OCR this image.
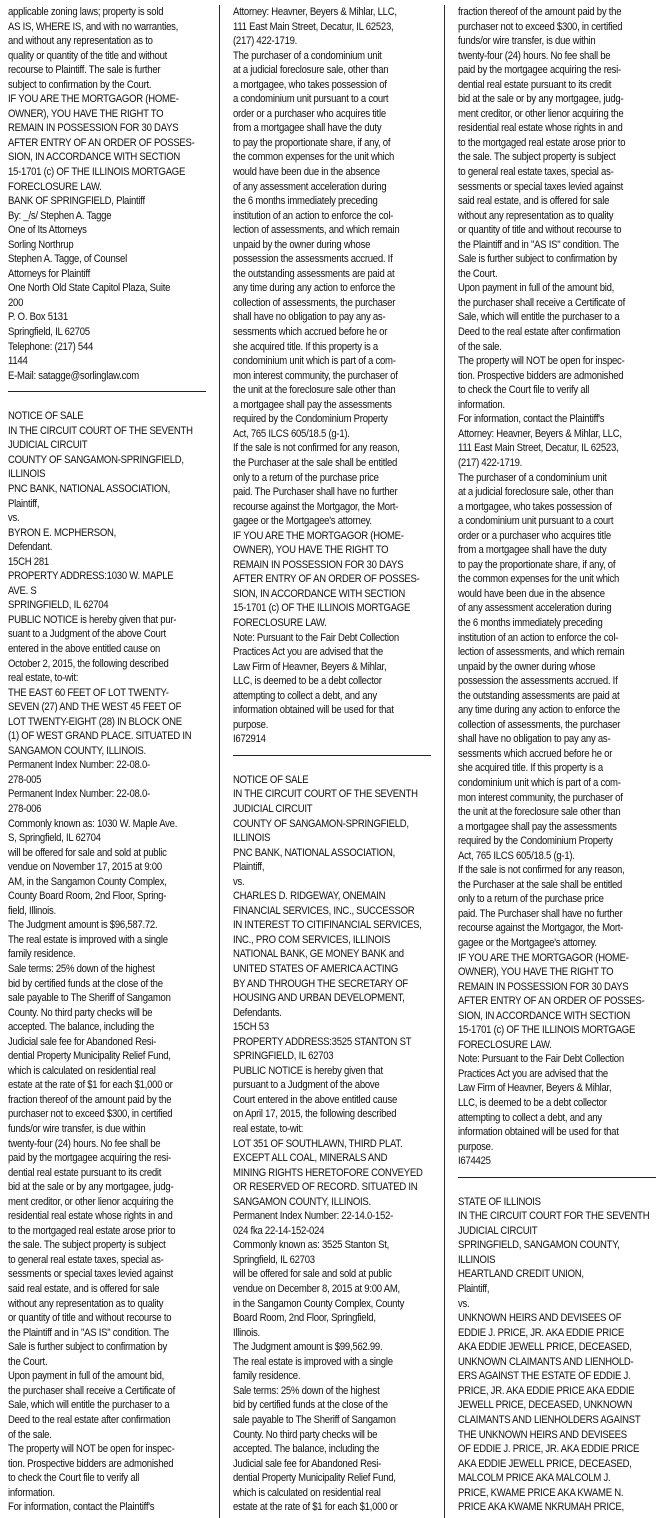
applicable zoning laws; property is sold
AS IS, WHERE IS, and with no warranties,
and without any representation as to
quality or quantity of the title and without
recourse to Plaintiff. The sale is further
subject to confirmation by the Court.
IF YOU ARE THE MORTGAGOR (HOME-
OWNER), YOU HAVE THE RIGHT TO
REMAIN IN POSSESSION FOR 30 DAYS
AFTER ENTRY OF AN ORDER OF POSSES-
SION, IN ACCORDANCE WITH SECTION
15-1701 (c) OF THE ILLINOIS MORTGAGE
FORECLOSURE LAW.
BANK OF SPRINGFIELD, Plaintiff
By: _/s/ Stephen A. Tagge
One of Its Attorneys
Sorling Northrup
Stephen A. Tagge, of Counsel
Attorneys for Plaintiff
One North Old State Capitol Plaza, Suite
200
P. O. Box 5131
Springfield, IL 62705
Telephone: (217) 544
1144
E-Mail: satagge@sorlinglaw.com
NOTICE OF SALE
IN THE CIRCUIT COURT OF THE SEVENTH
JUDICIAL CIRCUIT
COUNTY OF SANGAMON-SPRINGFIELD,
ILLINOIS
PNC BANK, NATIONAL ASSOCIATION,
Plaintiff,
vs.
BYRON E. MCPHERSON,
Defendant.
15CH 281
PROPERTY ADDRESS:1030 W. MAPLE
AVE. S
SPRINGFIELD, IL 62704
PUBLIC NOTICE is hereby given that pur-
suant to a Judgment of the above Court
entered in the above entitled cause on
October 2, 2015, the following described
real estate, to-wit:
THE EAST 60 FEET OF LOT TWENTY-
SEVEN (27) AND THE WEST 45 FEET OF
LOT TWENTY-EIGHT (28) IN BLOCK ONE
(1) OF WEST GRAND PLACE. SITUATED IN
SANGAMON COUNTY, ILLINOIS.
Permanent Index Number: 22-08.0-
278-005
Permanent Index Number: 22-08.0-
278-006
Commonly known as: 1030 W. Maple Ave.
S, Springfield, IL 62704
will be offered for sale and sold at public
vendue on November 17, 2015 at 9:00
AM, in the Sangamon County Complex,
County Board Room, 2nd Floor, Spring-
field, Illinois.
The Judgment amount is $96,587.72.
The real estate is improved with a single
family residence.
Sale terms: 25% down of the highest
bid by certified funds at the close of the
sale payable to The Sheriff of Sangamon
County. No third party checks will be
accepted. The balance, including the
Judicial sale fee for Abandoned Resi-
dential Property Municipality Relief Fund,
which is calculated on residential real
estate at the rate of $1 for each $1,000 or
fraction thereof of the amount paid by the
purchaser not to exceed $300, in certified
funds/or wire transfer, is due within
twenty-four (24) hours. No fee shall be
paid by the mortgagee acquiring the resi-
dential real estate pursuant to its credit
bid at the sale or by any mortgagee, judg-
ment creditor, or other lienor acquiring the
residential real estate whose rights in and
to the mortgaged real estate arose prior to
the sale. The subject property is subject
to general real estate taxes, special as-
sessments or special taxes levied against
said real estate, and is offered for sale
without any representation as to quality
or quantity of title and without recourse to
the Plaintiff and in "AS IS" condition. The
Sale is further subject to confirmation by
the Court.
Upon payment in full of the amount bid,
the purchaser shall receive a Certificate of
Sale, which will entitle the purchaser to a
Deed to the real estate after confirmation
of the sale.
The property will NOT be open for inspec-
tion. Prospective bidders are admonished
to check the Court file to verify all
information.
For information, contact the Plaintiff's
Attorney: Heavner, Beyers & Mihlar, LLC,
111 East Main Street, Decatur, IL 62523,
(217) 422-1719.
The purchaser of a condominium unit
at a judicial foreclosure sale, other than
a mortgagee, who takes possession of
a condominium unit pursuant to a court
order or a purchaser who acquires title
from a mortgagee shall have the duty
to pay the proportionate share, if any, of
the common expenses for the unit which
would have been due in the absence
of any assessment acceleration during
the 6 months immediately preceding
institution of an action to enforce the col-
lection of assessments, and which remain
unpaid by the owner during whose
possession the assessments accrued. If
the outstanding assessments are paid at
any time during any action to enforce the
collection of assessments, the purchaser
shall have no obligation to pay any as-
sessments which accrued before he or
she acquired title. If this property is a
condominium unit which is part of a com-
mon interest community, the purchaser of
the unit at the foreclosure sale other than
a mortgagee shall pay the assessments
required by the Condominium Property
Act, 765 ILCS 605/18.5 (g-1).
If the sale is not confirmed for any reason,
the Purchaser at the sale shall be entitled
only to a return of the purchase price
paid. The Purchaser shall have no further
recourse against the Mortgagor, the Mort-
gagee or the Mortgagee's attorney.
IF YOU ARE THE MORTGAGOR (HOME-
OWNER), YOU HAVE THE RIGHT TO
REMAIN IN POSSESSION FOR 30 DAYS
AFTER ENTRY OF AN ORDER OF POSSES-
SION, IN ACCORDANCE WITH SECTION
15-1701 (c) OF THE ILLINOIS MORTGAGE
FORECLOSURE LAW.
Note: Pursuant to the Fair Debt Collection
Practices Act you are advised that the
Law Firm of Heavner, Beyers & Mihlar,
LLC, is deemed to be a debt collector
attempting to collect a debt, and any
information obtained will be used for that
purpose.
I672914
NOTICE OF SALE
IN THE CIRCUIT COURT OF THE SEVENTH
JUDICIAL CIRCUIT
COUNTY OF SANGAMON-SPRINGFIELD,
ILLINOIS
PNC BANK, NATIONAL ASSOCIATION,
Plaintiff,
vs.
CHARLES D. RIDGEWAY, ONEMAIN
FINANCIAL SERVICES, INC., SUCCESSOR
IN INTEREST TO CITIFINANCIAL SERVICES,
INC., PRO COM SERVICES, ILLINOIS
NATIONAL BANK, GE MONEY BANK and
UNITED STATES OF AMERICA ACTING
BY AND THROUGH THE SECRETARY OF
HOUSING AND URBAN DEVELOPMENT,
Defendants.
15CH 53
PROPERTY ADDRESS:3525 STANTON ST
SPRINGFIELD, IL 62703
PUBLIC NOTICE is hereby given that
pursuant to a Judgment of the above
Court entered in the above entitled cause
on April 17, 2015, the following described
real estate, to-wit:
LOT 351 OF SOUTHLAWN, THIRD PLAT.
EXCEPT ALL COAL, MINERALS AND
MINING RIGHTS HERETOFORE CONVEYED
OR RESERVED OF RECORD. SITUATED IN
SANGAMON COUNTY, ILLINOIS.
Permanent Index Number: 22-14.0-152-
024 fka 22-14-152-024
Commonly known as: 3525 Stanton St,
Springfield, IL 62703
will be offered for sale and sold at public
vendue on December 8, 2015 at 9:00 AM,
in the Sangamon County Complex, County
Board Room, 2nd Floor, Springfield,
Illinois.
The Judgment amount is $99,562.99.
The real estate is improved with a single
family residence.
Sale terms: 25% down of the highest
bid by certified funds at the close of the
sale payable to The Sheriff of Sangamon
County. No third party checks will be
accepted. The balance, including the
Judicial sale fee for Abandoned Resi-
dential Property Municipality Relief Fund,
which is calculated on residential real
estate at the rate of $1 for each $1,000 or
fraction thereof of the amount paid by the
purchaser not to exceed $300, in certified
funds/or wire transfer, is due within
twenty-four (24) hours. No fee shall be
paid by the mortgagee acquiring the resi-
dential real estate pursuant to its credit
bid at the sale or by any mortgagee, judg-
ment creditor, or other lienor acquiring the
residential real estate whose rights in and
to the mortgaged real estate arose prior to
the sale. The subject property is subject
to general real estate taxes, special as-
sessments or special taxes levied against
said real estate, and is offered for sale
without any representation as to quality
or quantity of title and without recourse to
the Plaintiff and in "AS IS" condition. The
Sale is further subject to confirmation by
the Court.
Upon payment in full of the amount bid,
the purchaser shall receive a Certificate of
Sale, which will entitle the purchaser to a
Deed to the real estate after confirmation
of the sale.
The property will NOT be open for inspec-
tion. Prospective bidders are admonished
to check the Court file to verify all
information.
For information, contact the Plaintiff's
Attorney: Heavner, Beyers & Mihlar, LLC,
111 East Main Street, Decatur, IL 62523,
(217) 422-1719.
The purchaser of a condominium unit
at a judicial foreclosure sale, other than
a mortgagee, who takes possession of
a condominium unit pursuant to a court
order or a purchaser who acquires title
from a mortgagee shall have the duty
to pay the proportionate share, if any, of
the common expenses for the unit which
would have been due in the absence
of any assessment acceleration during
the 6 months immediately preceding
institution of an action to enforce the col-
lection of assessments, and which remain
unpaid by the owner during whose
possession the assessments accrued. If
the outstanding assessments are paid at
any time during any action to enforce the
collection of assessments, the purchaser
shall have no obligation to pay any as-
sessments which accrued before he or
she acquired title. If this property is a
condominium unit which is part of a com-
mon interest community, the purchaser of
the unit at the foreclosure sale other than
a mortgagee shall pay the assessments
required by the Condominium Property
Act, 765 ILCS 605/18.5 (g-1).
If the sale is not confirmed for any reason,
the Purchaser at the sale shall be entitled
only to a return of the purchase price
paid. The Purchaser shall have no further
recourse against the Mortgagor, the Mort-
gagee or the Mortgagee's attorney.
IF YOU ARE THE MORTGAGOR (HOME-
OWNER), YOU HAVE THE RIGHT TO
REMAIN IN POSSESSION FOR 30 DAYS
AFTER ENTRY OF AN ORDER OF POSSES-
SION, IN ACCORDANCE WITH SECTION
15-1701 (c) OF THE ILLINOIS MORTGAGE
FORECLOSURE LAW.
Note: Pursuant to the Fair Debt Collection
Practices Act you are advised that the
Law Firm of Heavner, Beyers & Mihlar,
LLC, is deemed to be a debt collector
attempting to collect a debt, and any
information obtained will be used for that
purpose.
I674425
STATE OF ILLINOIS
IN THE CIRCUIT COURT FOR THE SEVENTH
JUDICIAL CIRCUIT
SPRINGFIELD, SANGAMON COUNTY,
ILLINOIS
HEARTLAND CREDIT UNION,
Plaintiff,
vs.
UNKNOWN HEIRS AND DEVISEES OF
EDDIE J. PRICE, JR. AKA EDDIE PRICE
AKA EDDIE JEWELL PRICE, DECEASED,
UNKNOWN CLAIMANTS AND LIENHOLD-
ERS AGAINST THE ESTATE OF EDDIE J.
PRICE, JR. AKA EDDIE PRICE AKA EDDIE
JEWELL PRICE, DECEASED, UNKNOWN
CLAIMANTS AND LIENHOLDERS AGAINST
THE UNKNOWN HEIRS AND DEVISEES
OF EDDIE J. PRICE, JR. AKA EDDIE PRICE
AKA EDDIE JEWELL PRICE, DECEASED,
MALCOLM PRICE AKA MALCOLM J.
PRICE, KWAME PRICE AKA KWAME N.
PRICE AKA KWAME NKRUMAH PRICE,
